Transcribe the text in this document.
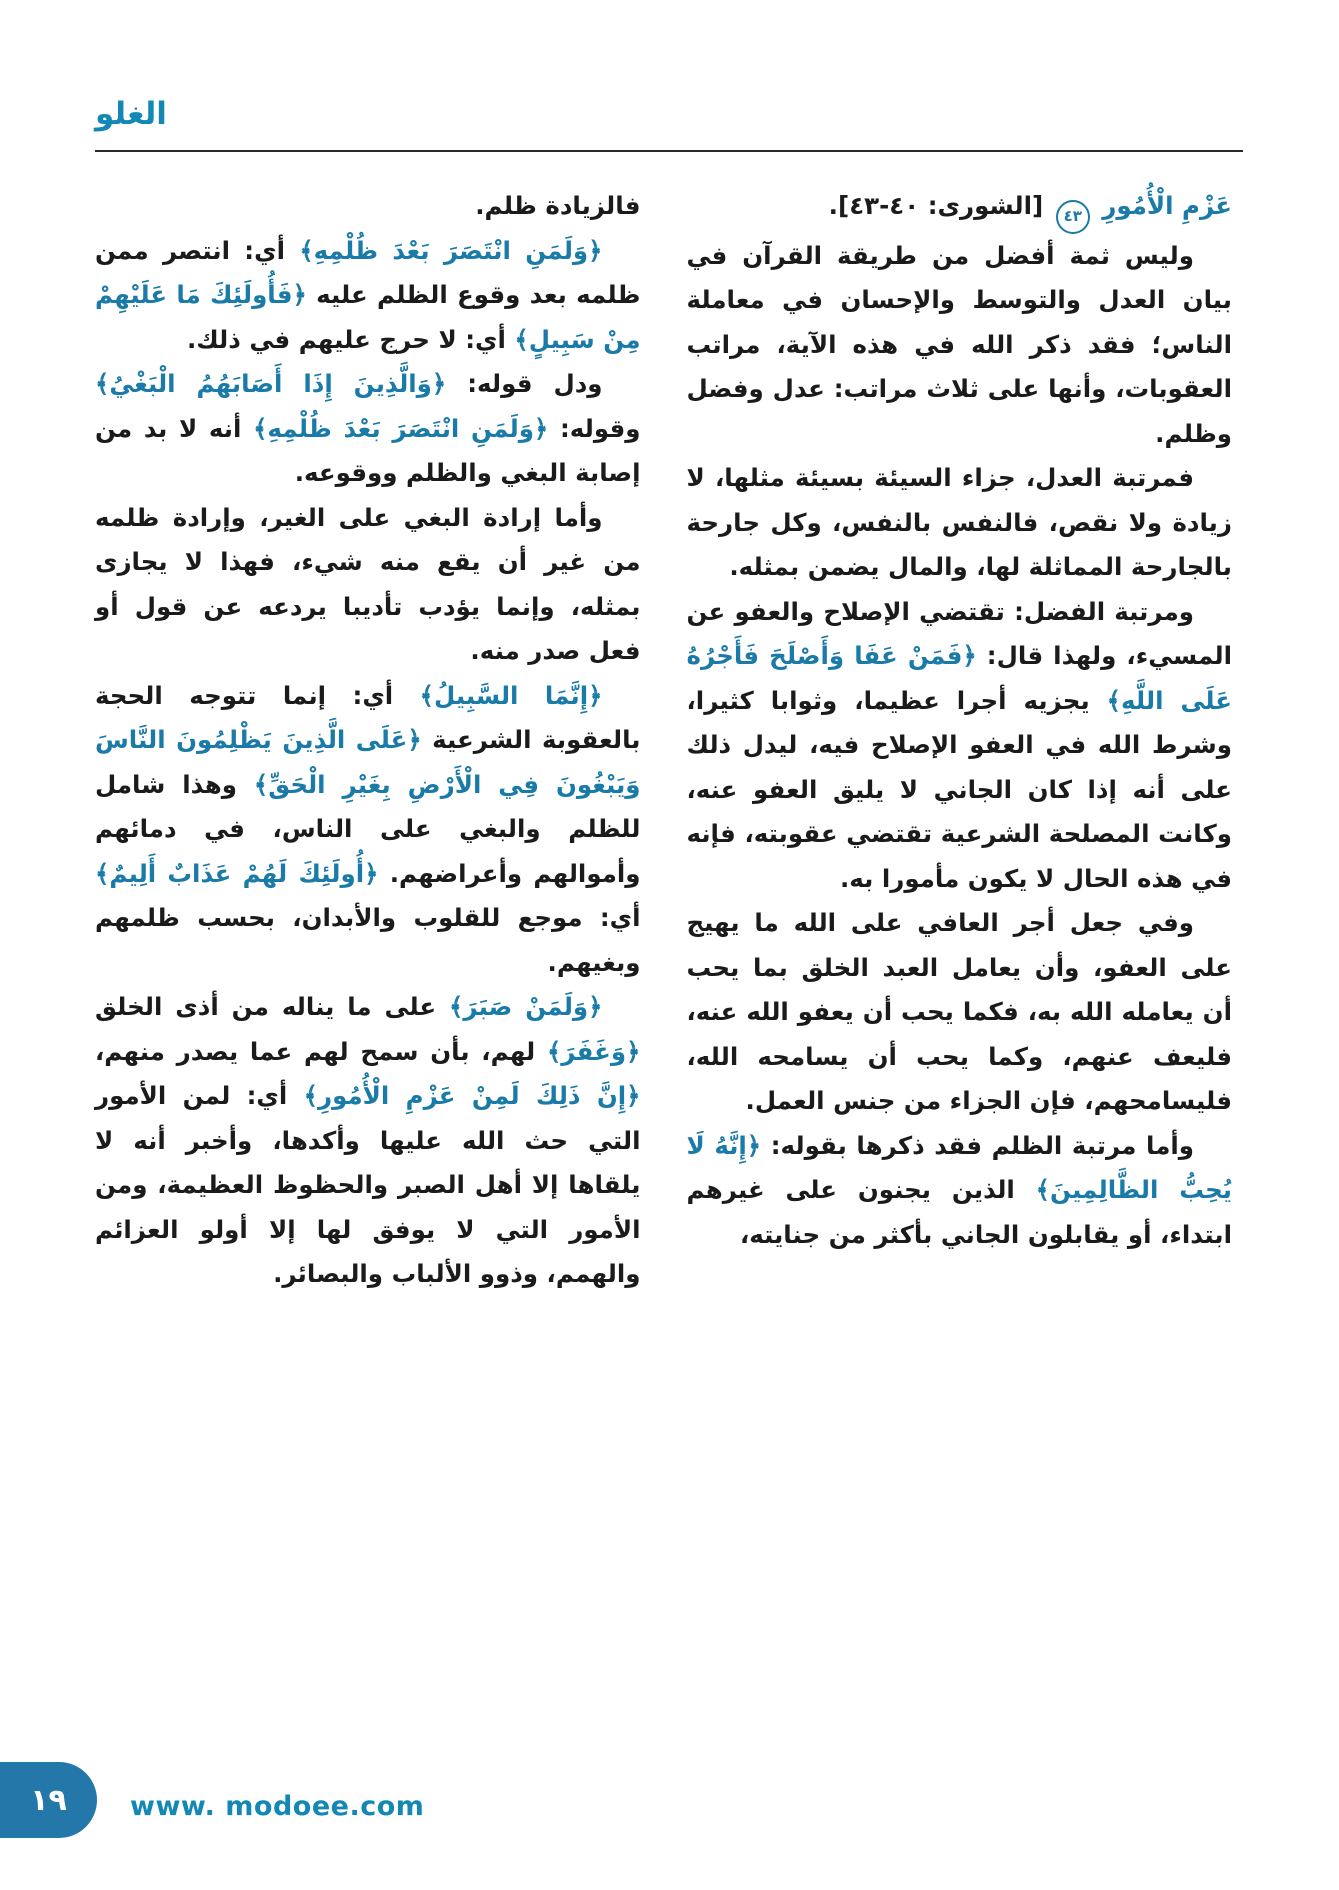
الغلو

عَزْمِ الْأُمُورِ ٤٣ [الشورى: ٤٠-٤٣].

وليس ثمة أفضل من طريقة القرآن في بيان العدل والتوسط والإحسان في معاملة الناس؛ فقد ذكر الله في هذه الآية، مراتب العقوبات، وأنها على ثلاث مراتب: عدل وفضل وظلم.

فمرتبة العدل، جزاء السيئة بسيئة مثلها، لا زيادة ولا نقص، فالنفس بالنفس، وكل جارحة بالجارحة المماثلة لها، والمال يضمن بمثله.

ومرتبة الفضل: تقتضي الإصلاح والعفو عن المسيء، ولهذا قال: ﴿فَمَنْ عَفَا وَأَصْلَحَ فَأَجْرُهُ عَلَى اللَّهِ﴾ يجزيه أجرا عظيما، وثوابا كثيرا، وشرط الله في العفو الإصلاح فيه، ليدل ذلك على أنه إذا كان الجاني لا يليق العفو عنه، وكانت المصلحة الشرعية تقتضي عقوبته، فإنه في هذه الحال لا يكون مأمورا به.

وفي جعل أجر العافي على الله ما يهيج على العفو، وأن يعامل العبد الخلق بما يحب أن يعامله الله به، فكما يحب أن يعفو الله عنه، فليعف عنهم، وكما يحب أن يسامحه الله، فليسامحهم، فإن الجزاء من جنس العمل.

وأما مرتبة الظلم فقد ذكرها بقوله: ﴿إِنَّهُ لَا يُحِبُّ الظَّالِمِينَ﴾ الذين يجنون على غيرهم ابتداء، أو يقابلون الجاني بأكثر من جنايته،

فالزيادة ظلم.

﴿وَلَمَنِ انْتَصَرَ بَعْدَ ظُلْمِهِ﴾ أي: انتصر ممن ظلمه بعد وقوع الظلم عليه ﴿فَأُولَئِكَ مَا عَلَيْهِمْ مِنْ سَبِيلٍ﴾ أي: لا حرج عليهم في ذلك.

ودل قوله: ﴿وَالَّذِينَ إِذَا أَصَابَهُمُ الْبَغْيُ﴾ وقوله: ﴿وَلَمَنِ انْتَصَرَ بَعْدَ ظُلْمِهِ﴾ أنه لا بد من إصابة البغي والظلم ووقوعه.

وأما إرادة البغي على الغير، وإرادة ظلمه من غير أن يقع منه شيء، فهذا لا يجازى بمثله، وإنما يؤدب تأديبا يردعه عن قول أو فعل صدر منه.

﴿إِنَّمَا السَّبِيلُ﴾ أي: إنما تتوجه الحجة بالعقوبة الشرعية ﴿عَلَى الَّذِينَ يَظْلِمُونَ النَّاسَ وَيَبْغُونَ فِي الْأَرْضِ بِغَيْرِ الْحَقِّ﴾ وهذا شامل للظلم والبغي على الناس، في دمائهم وأموالهم وأعراضهم. ﴿أُولَئِكَ لَهُمْ عَذَابٌ أَلِيمٌ﴾ أي: موجع للقلوب والأبدان، بحسب ظلمهم وبغيهم.

﴿وَلَمَنْ صَبَرَ﴾ على ما يناله من أذى الخلق ﴿وَغَفَرَ﴾ لهم، بأن سمح لهم عما يصدر منهم، ﴿إِنَّ ذَلِكَ لَمِنْ عَزْمِ الْأُمُورِ﴾ أي: لمن الأمور التي حث الله عليها وأكدها، وأخبر أنه لا يلقاها إلا أهل الصبر والحظوظ العظيمة، ومن الأمور التي لا يوفق لها إلا أولو العزائم والهمم، وذوو الألباب والبصائر.

١٩ www. modoee.com
